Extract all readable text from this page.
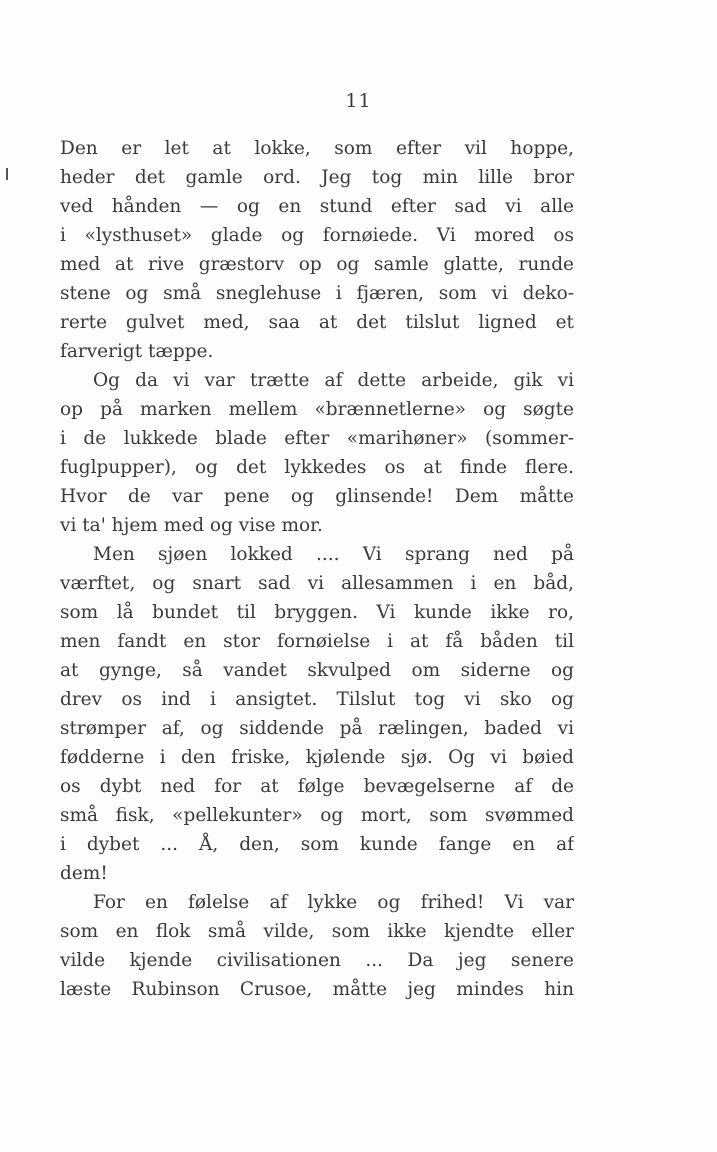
11
Den er let at lokke, som efter vil hoppe,
heder det gamle ord. Jeg tog min lille bror
ved hånden — og en stund efter sad vi alle
i «lysthuset» glade og fornøiede. Vi mored os
med at rive græstorv op og samle glatte, runde
stene og små sneglehuse i fjæren, som vi deko-
rerte gulvet med, saa at det tilslut ligned et
farverigt tæppe.
Og da vi var trætte af dette arbeide, gik vi
op på marken mellem «brænnetlerne» og søgte
i de lukkede blade efter «marihøner» (sommer-
fuglpupper), og det lykkedes os at finde flere.
Hvor de var pene og glinsende! Dem måtte
vi ta' hjem med og vise mor.
Men sjøen lokked .... Vi sprang ned på
værftet, og snart sad vi allesammen i en båd,
som lå bundet til bryggen. Vi kunde ikke ro,
men fandt en stor fornøielse i at få båden til
at gynge, så vandet skvulped om siderne og
drev os ind i ansigtet. Tilslut tog vi sko og
strømper af, og siddende på rælingen, baded vi
fødderne i den friske, kjølende sjø. Og vi bøied
os dybt ned for at følge bevægelserne af de
små fisk, «pellekunter» og mort, som svømmed
i dybet ... Å, den, som kunde fange en af
dem!
For en følelse af lykke og frihed! Vi var
som en flok små vilde, som ikke kjendte eller
vilde kjende civilisationen ... Da jeg senere
læste Rubinson Crusoe, måtte jeg mindes hin
